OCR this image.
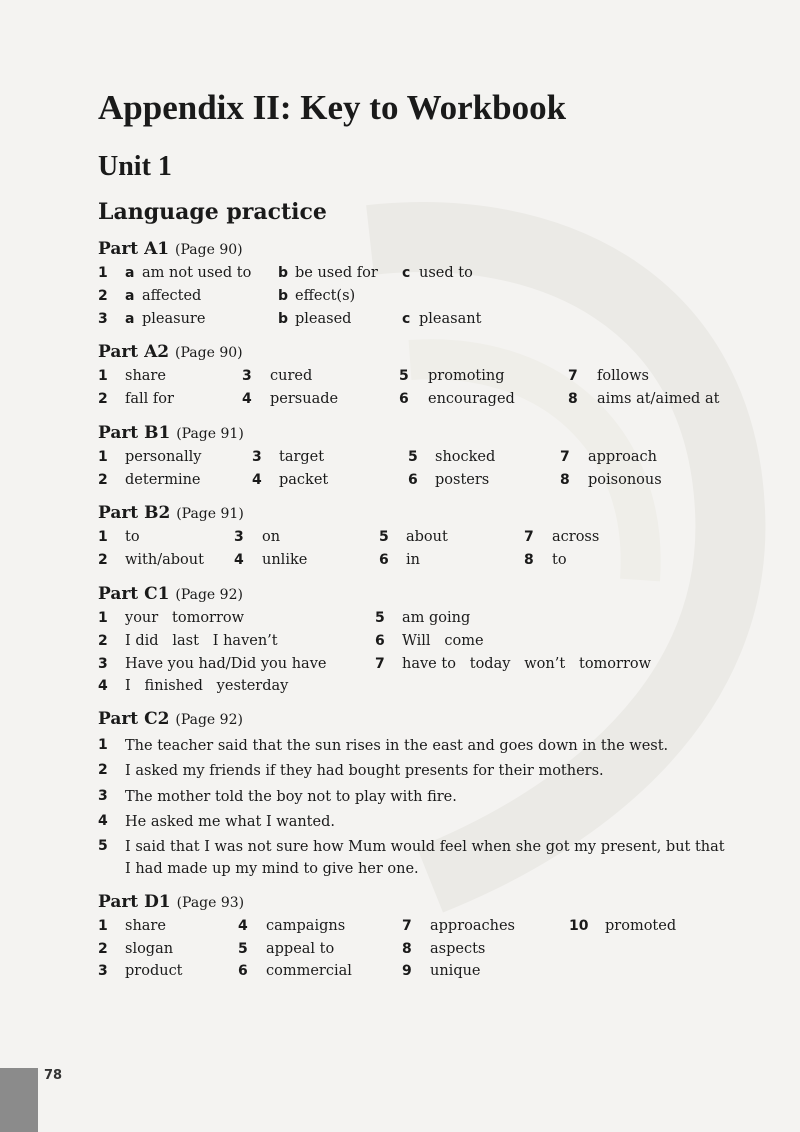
Appendix II: Key to Workbook
Unit 1
Language practice
Part A1 (Page 90)
1 a am not used to b be used for c used to
2 a affected	b effect(s)
3 a pleasure	b pleased	c pleasant
Part A2 (Page 90)
1 share	3 cured	5 promoting	7 follows
2 fall for	4 persuade	6 encouraged	8 aims at/aimed at
Part B1 (Page 91)
1 personally	3 target	5 shocked	7 approach
2 determine	4 packet	6 posters	8 poisonous
Part B2 (Page 91)
1 to	3 on	5 about	7 across
2 with/about 4 unlike	6 in	8 to
Part C1 (Page 92)
1 your   tomorrow	5 am going
2 I did   last   I haven’t	6 Will   come
3 Have you had/Did you have	7 have to   today   won’t   tomorrow
4 I   finished   yesterday
Part C2 (Page 92)
1 The teacher said that the sun rises in the east and goes down in the west.
2 I asked my friends if they had bought presents for their mothers.
3 The mother told the boy not to play with fire.
4 He asked me what I wanted.
5 I said that I was not sure how Mum would feel when she got my present, but that I had made up my mind to give her one.
Part D1 (Page 93)
1 share	4 campaigns	7 approaches	10 promoted
2 slogan	5 appeal to	8 aspects
3 product	6 commercial	9 unique
78
